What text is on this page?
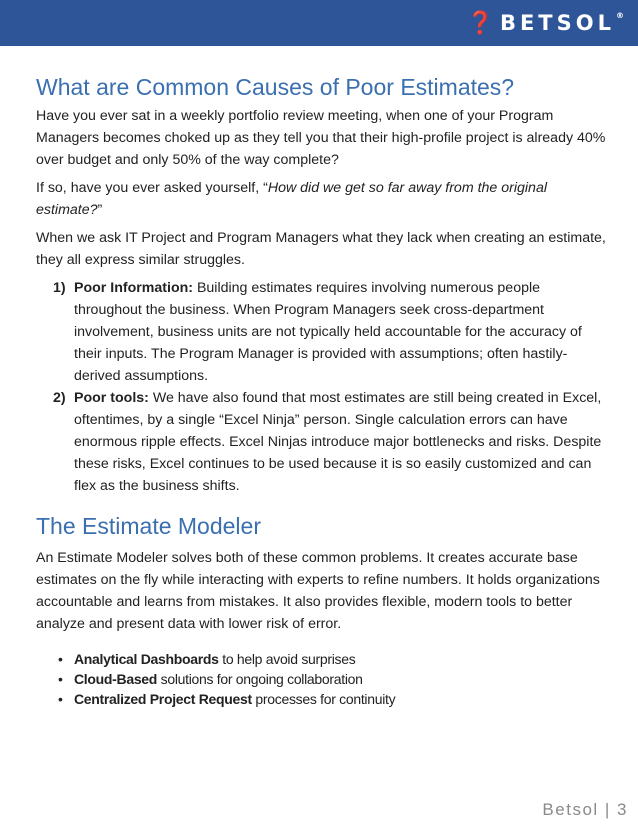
❓ BETSOL ®
What are Common Causes of Poor Estimates?

Have you ever sat in a weekly portfolio review meeting, when one of your Program Managers becomes choked up as they tell you that their high-profile project is already 40% over budget and only 50% of the way complete?

If so, have you ever asked yourself, “How did we get so far away from the original estimate?”

When we ask IT Project and Program Managers what they lack when creating an estimate, they all express similar struggles.

1) Poor Information: Building estimates requires involving numerous people throughout the business. When Program Managers seek cross-department involvement, business units are not typically held accountable for the accuracy of their inputs. The Program Manager is provided with assumptions; often hastily-derived assumptions.
2) Poor tools: We have also found that most estimates are still being created in Excel, oftentimes, by a single “Excel Ninja” person. Single calculation errors can have enormous ripple effects. Excel Ninjas introduce major bottlenecks and risks. Despite these risks, Excel continues to be used because it is so easily customized and can flex as the business shifts.
The Estimate Modeler

An Estimate Modeler solves both of these common problems. It creates accurate base estimates on the fly while interacting with experts to refine numbers. It holds organizations accountable and learns from mistakes. It also provides flexible, modern tools to better analyze and present data with lower risk of error.

• Analytical Dashboards to help avoid surprises
• Cloud-Based solutions for ongoing collaboration
• Centralized Project Request processes for continuity
Betsol | 3
